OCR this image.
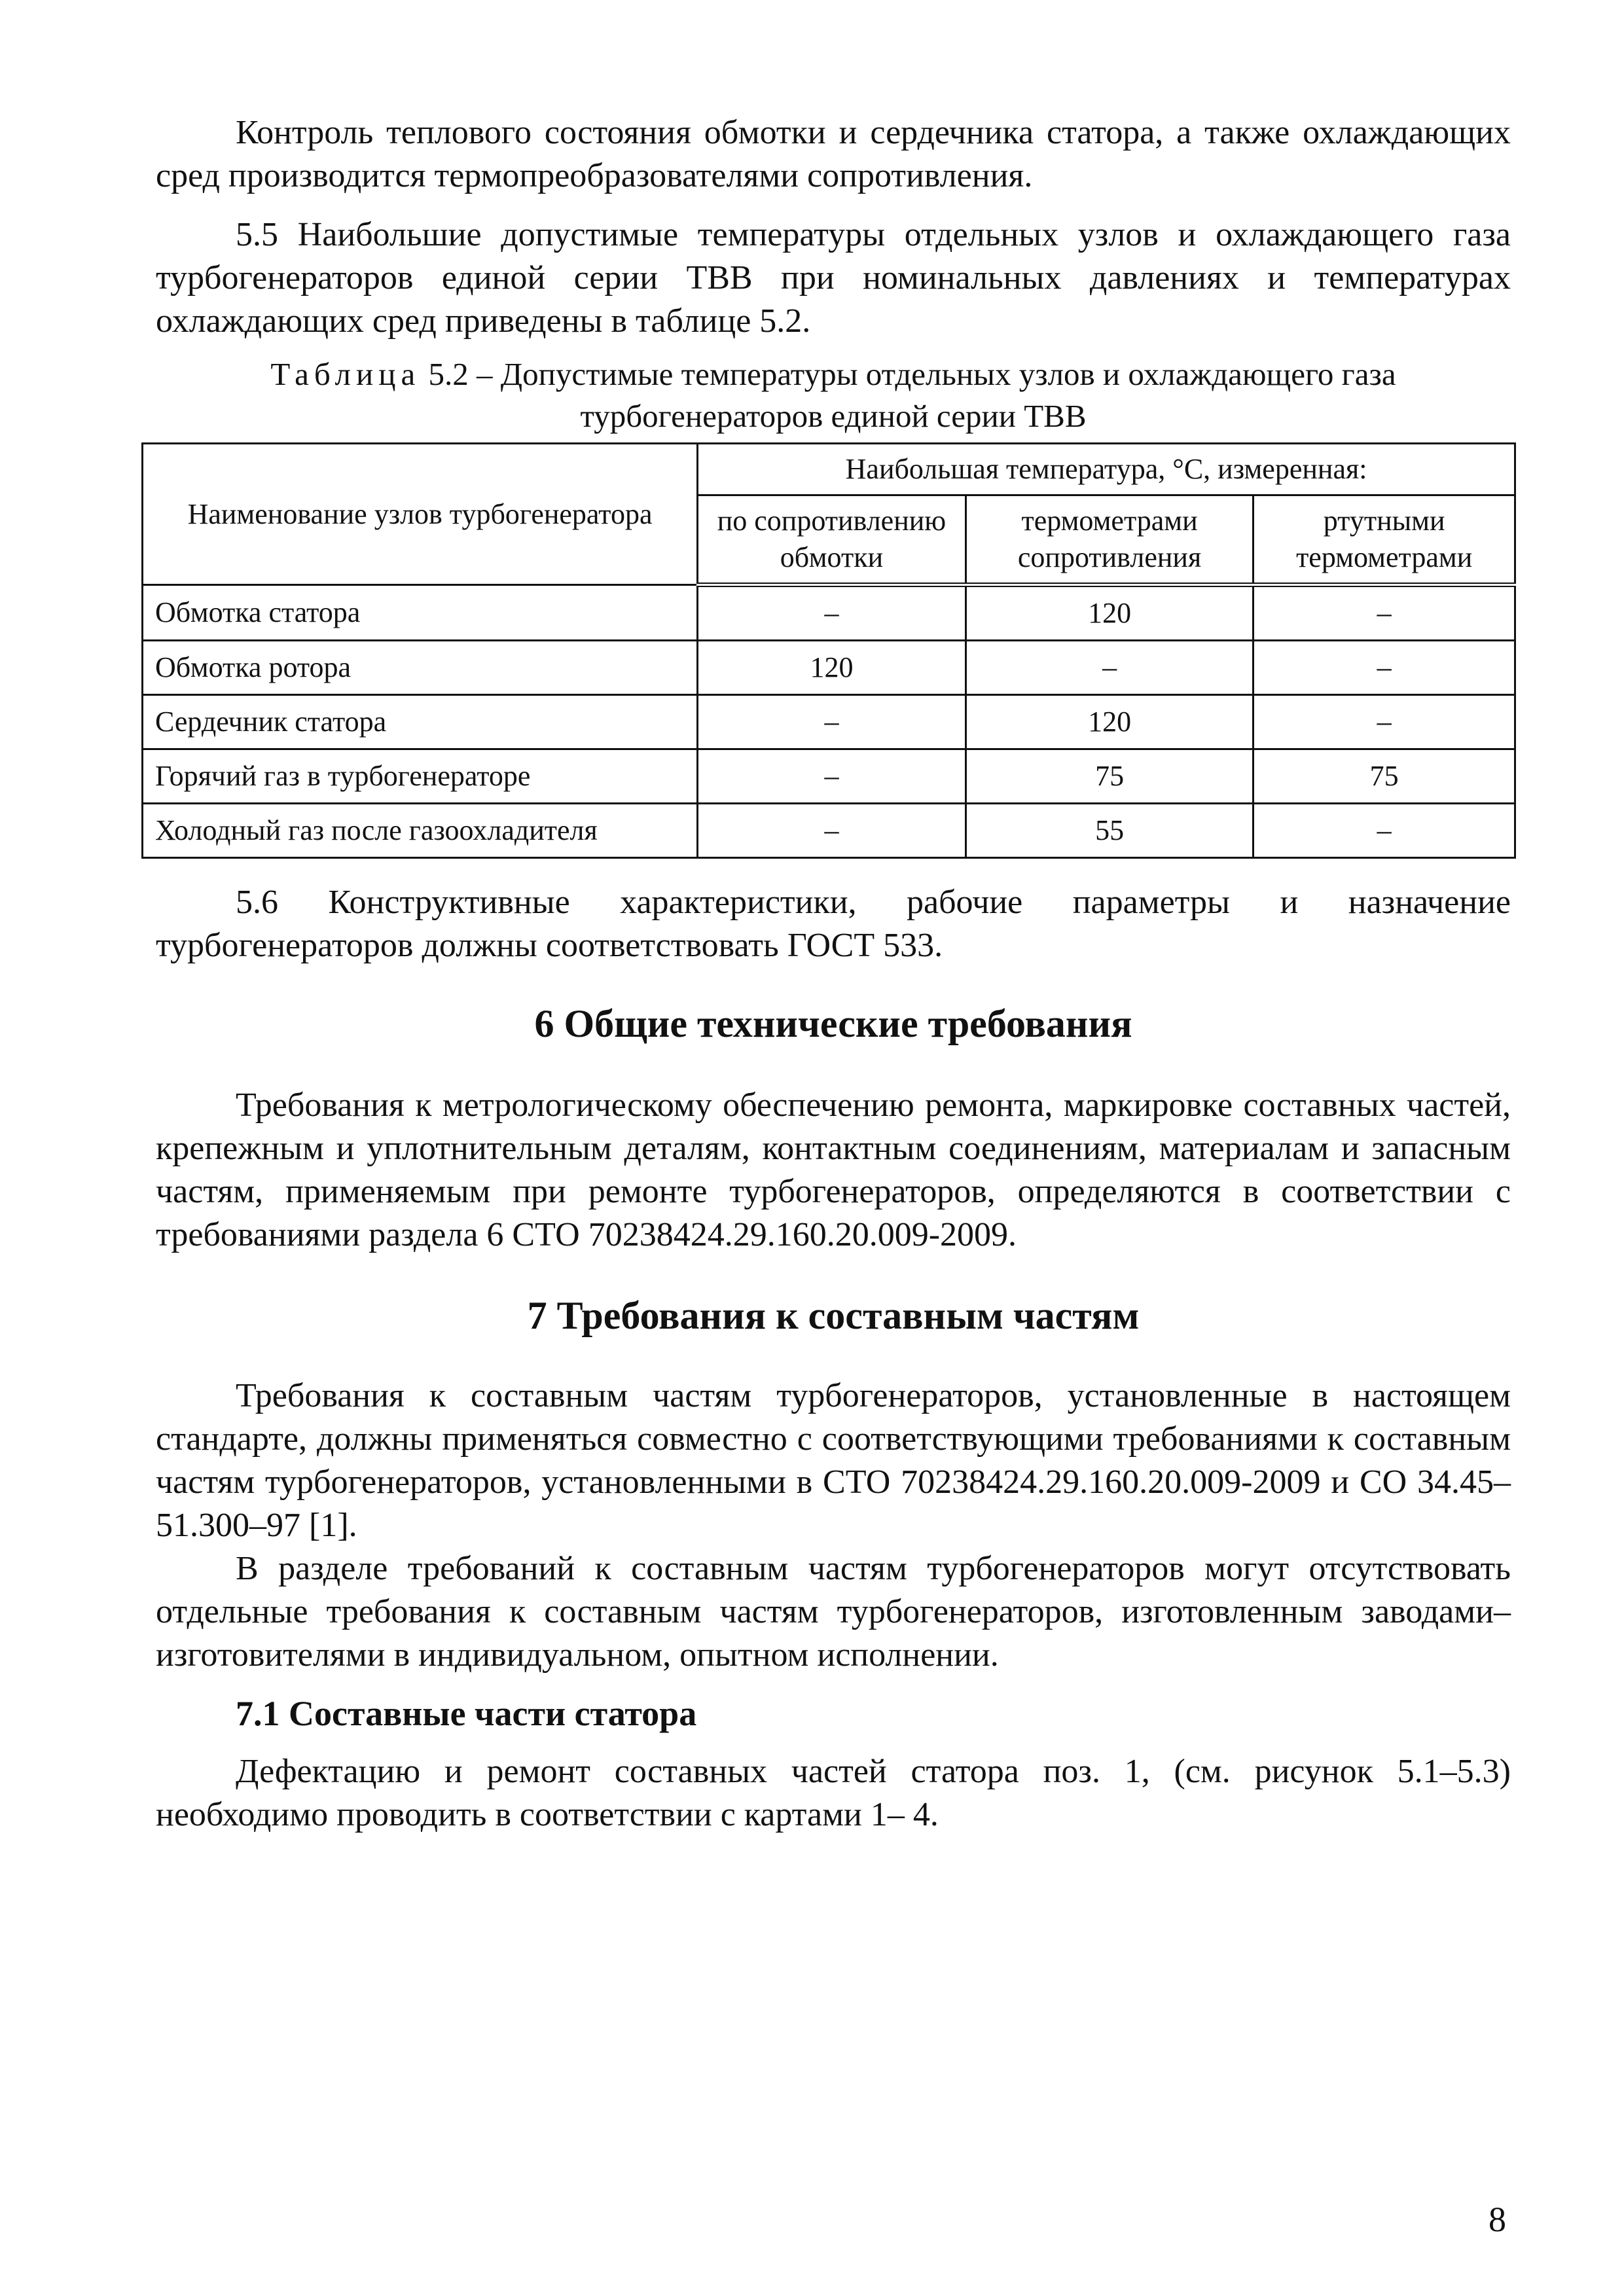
Контроль теплового состояния обмотки и сердечника статора, а также охлаждающих сред производится термопреобразователями сопротивления.

5.5 Наибольшие допустимые температуры отдельных узлов и охлаждающего газа турбогенераторов единой серии ТВВ при номинальных давлениях и температурах охлаждающих сред приведены в таблице 5.2.

Таблица 5.2 – Допустимые температуры отдельных узлов и охлаждающего газа турбогенераторов единой серии ТВВ
Наименование узлов турбогенератора	Наибольшая температура, °С, измеренная:		
	по сопротивлению обмотки	термометрами сопротивления	ртутными термометрами
Обмотка статора	–	120	–
Обмотка ротора	120	–	–
Сердечник статора	–	120	–
Горячий газ в турбогенераторе	–	75	75
Холодный газ после газоохладителя	–	55	–

5.6 Конструктивные характеристики, рабочие параметры и назначение турбогенераторов должны соответствовать ГОСТ 533.

6 Общие технические требования

Требования к метрологическому обеспечению ремонта, маркировке составных частей, крепежным и уплотнительным деталям, контактным соединениям, материалам и запасным частям, применяемым при ремонте турбогенераторов, определяются в соответствии с требованиями раздела 6 СТО 70238424.29.160.20.009-2009.

7 Требования к составным частям

Требования к составным частям турбогенераторов, установленные в настоящем стандарте, должны применяться совместно с соответствующими требованиями к составным частям турбогенераторов, установленными в СТО 70238424.29.160.20.009-2009 и СО 34.45–51.300–97 [1].

В разделе требований к составным частям турбогенераторов могут отсутствовать отдельные требования к составным частям турбогенераторов, изготовленным заводами–изготовителями в индивидуальном, опытном исполнении.

7.1 Составные части статора

Дефектацию и ремонт составных частей статора поз. 1, (см. рисунок 5.1–5.3) необходимо проводить в соответствии с картами 1– 4.

8
